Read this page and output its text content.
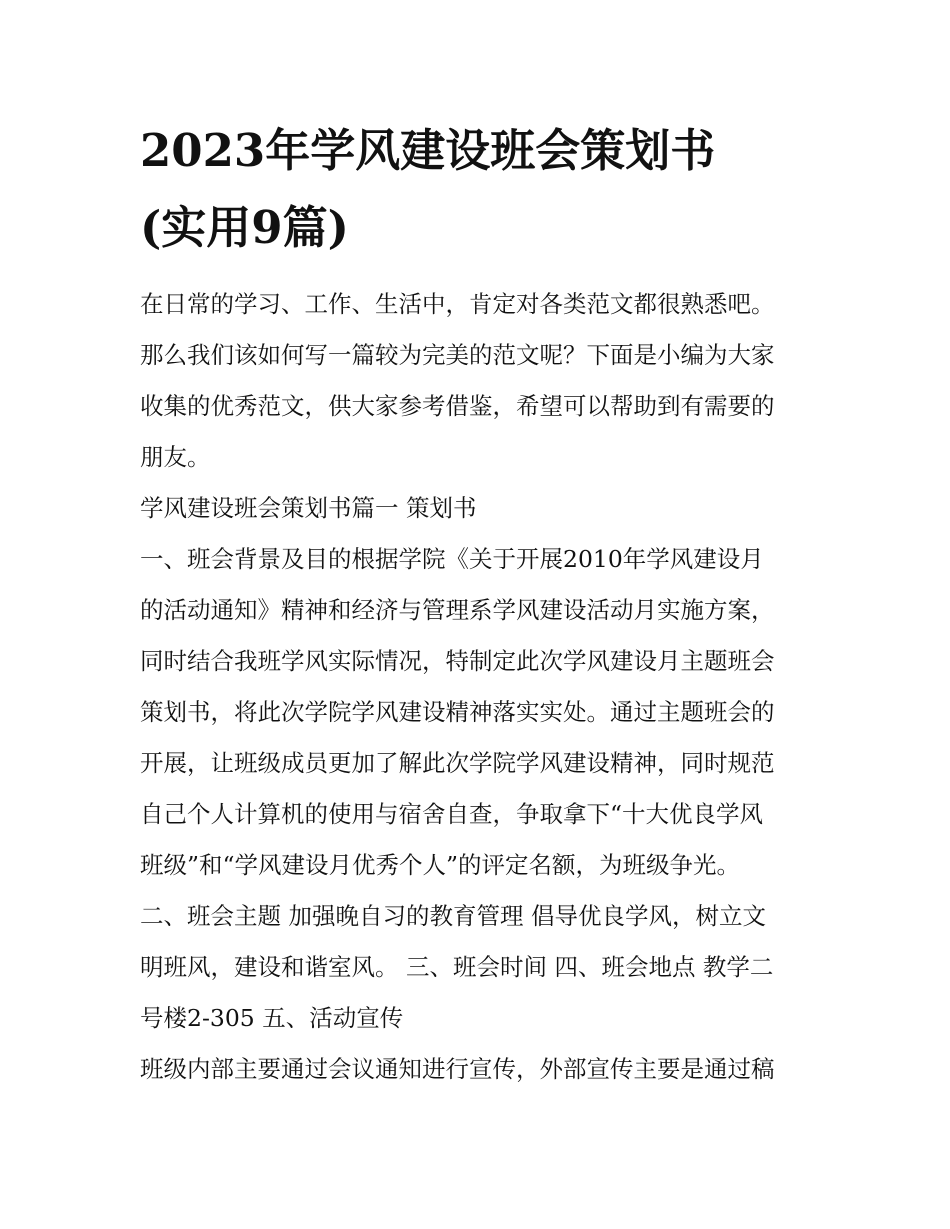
2023年学风建设班会策划书
(实用9篇)
在日常的学习、工作、生活中，肯定对各类范文都很熟悉吧。
那么我们该如何写一篇较为完美的范文呢？下面是小编为大家
收集的优秀范文，供大家参考借鉴，希望可以帮助到有需要的
朋友。
学风建设班会策划书篇一 策划书
一、班会背景及目的根据学院《关于开展2010年学风建设月
的活动通知》精神和经济与管理系学风建设活动月实施方案，
同时结合我班学风实际情况，特制定此次学风建设月主题班会
策划书，将此次学院学风建设精神落实实处。通过主题班会的
开展，让班级成员更加了解此次学院学风建设精神，同时规范
自己个人计算机的使用与宿舍自查，争取拿下“十大优良学风
班级”和“学风建设月优秀个人”的评定名额，为班级争光。
二、班会主题 加强晚自习的教育管理 倡导优良学风，树立文
明班风，建设和谐室风。 三、班会时间 四、班会地点 教学二
号楼2-305 五、活动宣传
班级内部主要通过会议通知进行宣传，外部宣传主要是通过稿
